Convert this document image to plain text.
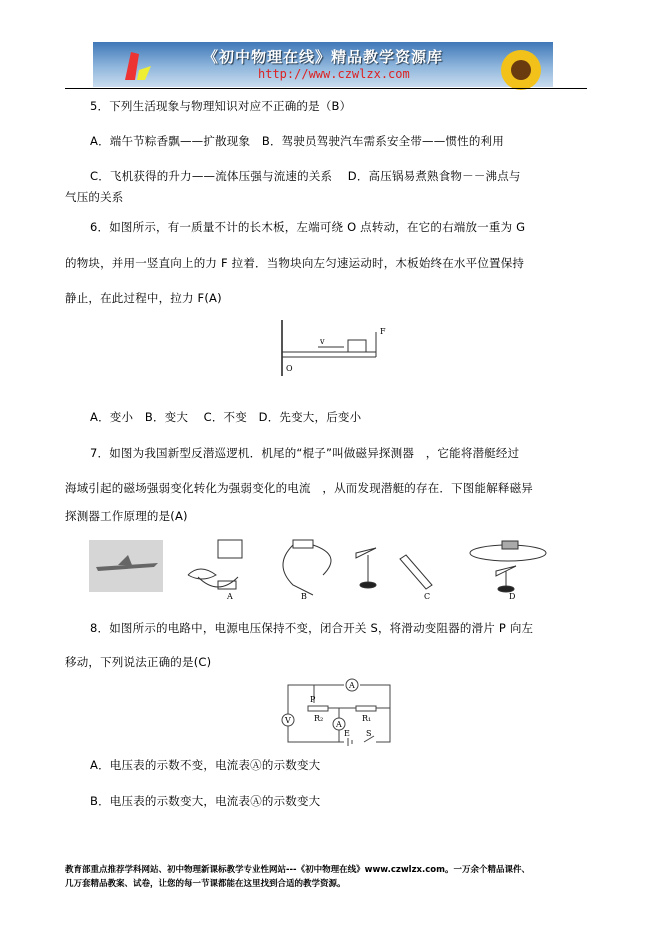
《初中物理在线》精品教学资源库
http://www.czwlzx.com
5．下列生活现象与物理知识对应不正确的是（B）
A．端午节粽香飘——扩散现象　B．驾驶员驾驶汽车需系安全带——惯性的利用
C．飞机获得的升力——流体压强与流速的关系　 D．高压锅易煮熟食物－－沸点与
气压的关系
6．如图所示，有一质量不计的长木板，左端可绕 O 点转动，在它的右端放一重为 G
的物块，并用一竖直向上的力 F 拉着．当物块向左匀速运动时，木板始终在水平位置保持
静止，在此过程中，拉力 F(A)
v
F
O
A．变小　B．变大　 C．不变　D．先变大，后变小
7．如图为我国新型反潜巡逻机．机尾的“棍子”叫做磁异探测器　，它能将潜艇经过
海域引起的磁场强弱变化转化为强弱变化的电流　，从而发现潜艇的存在．下图能解释磁异
探测器工作原理的是(A)
A	B	C	D
8．如图所示的电路中，电源电压保持不变，闭合开关 S，将滑动变阻器的滑片 P 向左
移动，下列说法正确的是(C)
A
V	A
P
R₂	R₁
E S
A．电压表的示数不变，电流表Ⓐ的示数变大
B．电压表的示数变大，电流表Ⓐ的示数变大
教育部重点推荐学科网站、初中物理新课标教学专业性网站---《初中物理在线》www.czwlzx.com。一万余个精品课件、
几万套精品教案、试卷，让您的每一节课都能在这里找到合适的教学资源。
